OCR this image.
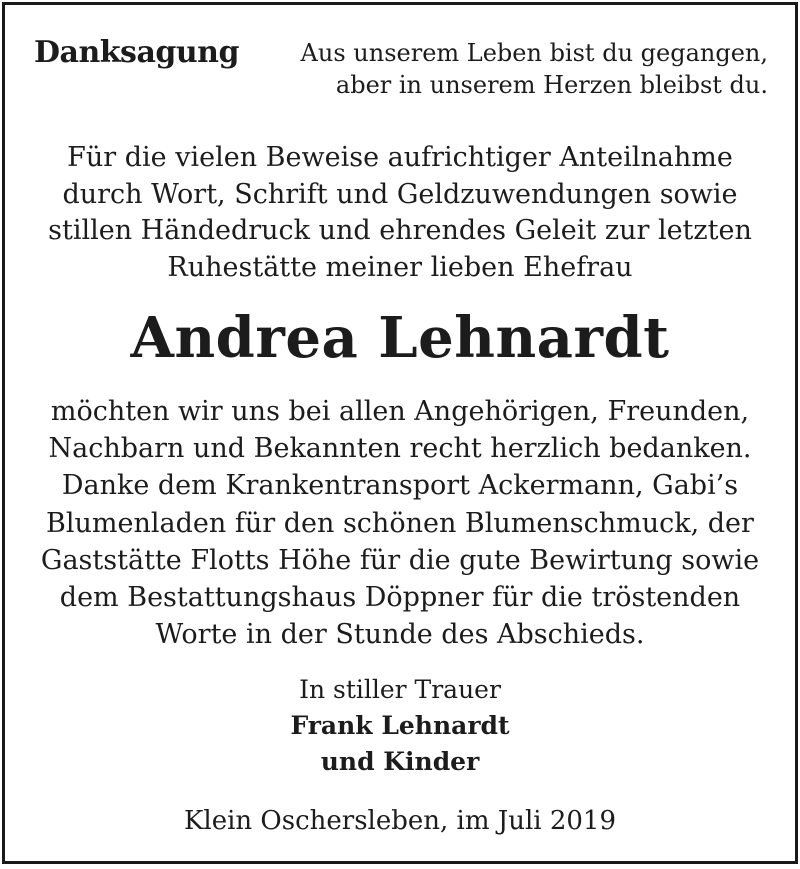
Danksagung	Aus unserem Leben bist du gegangen,
aber in unserem Herzen bleibst du.
Für die vielen Beweise aufrichtiger Anteilnahme
durch Wort, Schrift und Geldzuwendungen sowie
stillen Händedruck und ehrendes Geleit zur letzten
Ruhestätte meiner lieben Ehefrau
Andrea Lehnardt
möchten wir uns bei allen Angehörigen, Freunden,
Nachbarn und Bekannten recht herzlich bedanken.
Danke dem Krankentransport Ackermann, Gabi’s
Blumenladen für den schönen Blumenschmuck, der
Gaststätte Flotts Höhe für die gute Bewirtung sowie
dem Bestattungshaus Döppner für die tröstenden
Worte in der Stunde des Abschieds.
In stiller Trauer
Frank Lehnardt
und Kinder
Klein Oschersleben, im Juli 2019
